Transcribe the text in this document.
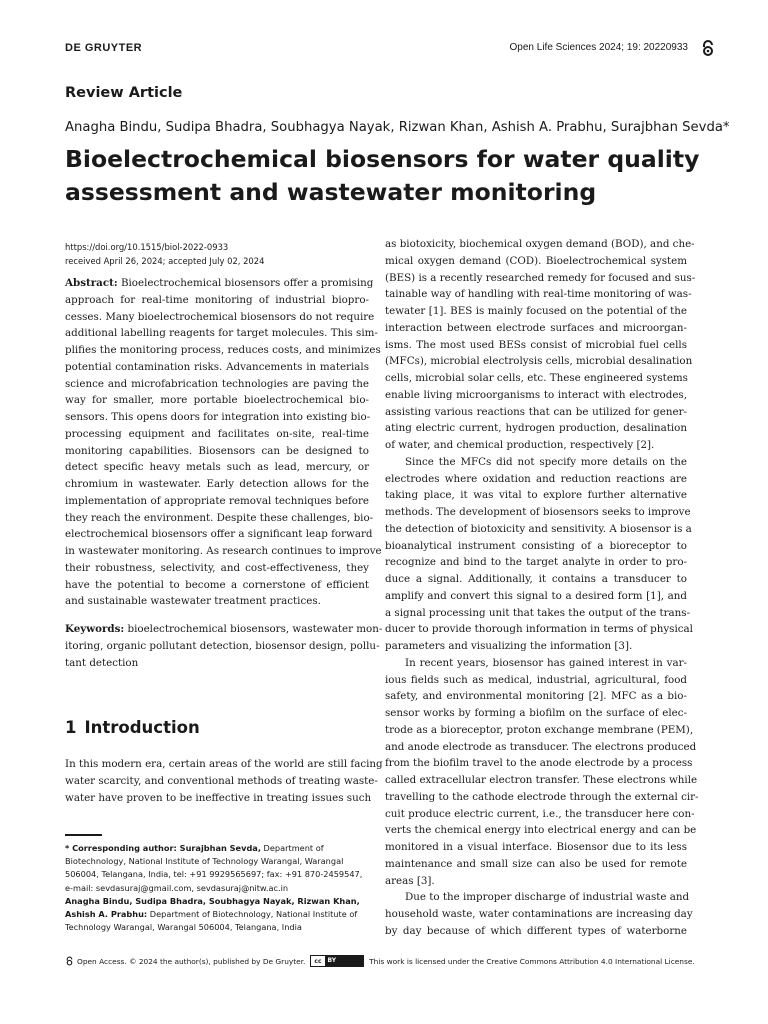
DE GRUYTER	Open Life Sciences 2024; 19: 20220933
Review Article
Anagha Bindu, Sudipa Bhadra, Soubhagya Nayak, Rizwan Khan, Ashish A. Prabhu, Surajbhan Sevda*
Bioelectrochemical biosensors for water quality
assessment and wastewater monitoring
https://doi.org/10.1515/biol-2022-0933
received April 26, 2024; accepted July 02, 2024
Abstract: Bioelectrochemical biosensors offer a promising
approach for real-time monitoring of industrial biopro-
cesses. Many bioelectrochemical biosensors do not require
additional labelling reagents for target molecules. This sim-
plifies the monitoring process, reduces costs, and minimizes
potential contamination risks. Advancements in materials
science and microfabrication technologies are paving the
way for smaller, more portable bioelectrochemical bio-
sensors. This opens doors for integration into existing bio-
processing equipment and facilitates on-site, real-time
monitoring capabilities. Biosensors can be designed to
detect specific heavy metals such as lead, mercury, or
chromium in wastewater. Early detection allows for the
implementation of appropriate removal techniques before
they reach the environment. Despite these challenges, bio-
electrochemical biosensors offer a significant leap forward
in wastewater monitoring. As research continues to improve
their robustness, selectivity, and cost-effectiveness, they
have the potential to become a cornerstone of efficient
and sustainable wastewater treatment practices.
Keywords: bioelectrochemical biosensors, wastewater mon-
itoring, organic pollutant detection, biosensor design, pollu-
tant detection
1 Introduction
In this modern era, certain areas of the world are still facing
water scarcity, and conventional methods of treating waste-
water have proven to be ineffective in treating issues such
* Corresponding author: Surajbhan Sevda, Department of
Biotechnology, National Institute of Technology Warangal, Warangal
506004, Telangana, India, tel: +91 9929565697; fax: +91 870-2459547,
e-mail: sevdasuraj@gmail.com, sevdasuraj@nitw.ac.in
Anagha Bindu, Sudipa Bhadra, Soubhagya Nayak, Rizwan Khan,
Ashish A. Prabhu: Department of Biotechnology, National Institute of
Technology Warangal, Warangal 506004, Telangana, India
as biotoxicity, biochemical oxygen demand (BOD), and che-
mical oxygen demand (COD). Bioelectrochemical system
(BES) is a recently researched remedy for focused and sus-
tainable way of handling with real-time monitoring of was-
tewater [1]. BES is mainly focused on the potential of the
interaction between electrode surfaces and microorgan-
isms. The most used BESs consist of microbial fuel cells
(MFCs), microbial electrolysis cells, microbial desalination
cells, microbial solar cells, etc. These engineered systems
enable living microorganisms to interact with electrodes,
assisting various reactions that can be utilized for gener-
ating electric current, hydrogen production, desalination
of water, and chemical production, respectively [2].
Since the MFCs did not specify more details on the
electrodes where oxidation and reduction reactions are
taking place, it was vital to explore further alternative
methods. The development of biosensors seeks to improve
the detection of biotoxicity and sensitivity. A biosensor is a
bioanalytical instrument consisting of a bioreceptor to
recognize and bind to the target analyte in order to pro-
duce a signal. Additionally, it contains a transducer to
amplify and convert this signal to a desired form [1], and
a signal processing unit that takes the output of the trans-
ducer to provide thorough information in terms of physical
parameters and visualizing the information [3].
In recent years, biosensor has gained interest in var-
ious fields such as medical, industrial, agricultural, food
safety, and environmental monitoring [2]. MFC as a bio-
sensor works by forming a biofilm on the surface of elec-
trode as a bioreceptor, proton exchange membrane (PEM),
and anode electrode as transducer. The electrons produced
from the biofilm travel to the anode electrode by a process
called extracellular electron transfer. These electrons while
travelling to the cathode electrode through the external cir-
cuit produce electric current, i.e., the transducer here con-
verts the chemical energy into electrical energy and can be
monitored in a visual interface. Biosensor due to its less
maintenance and small size can also be used for remote
areas [3].
Due to the improper discharge of industrial waste and
household waste, water contaminations are increasing day
by day because of which different types of waterborne
Open Access. © 2024 the author(s), published by De Gruyter.	cc	BY	This work is licensed under the Creative Commons Attribution 4.0 International License.
